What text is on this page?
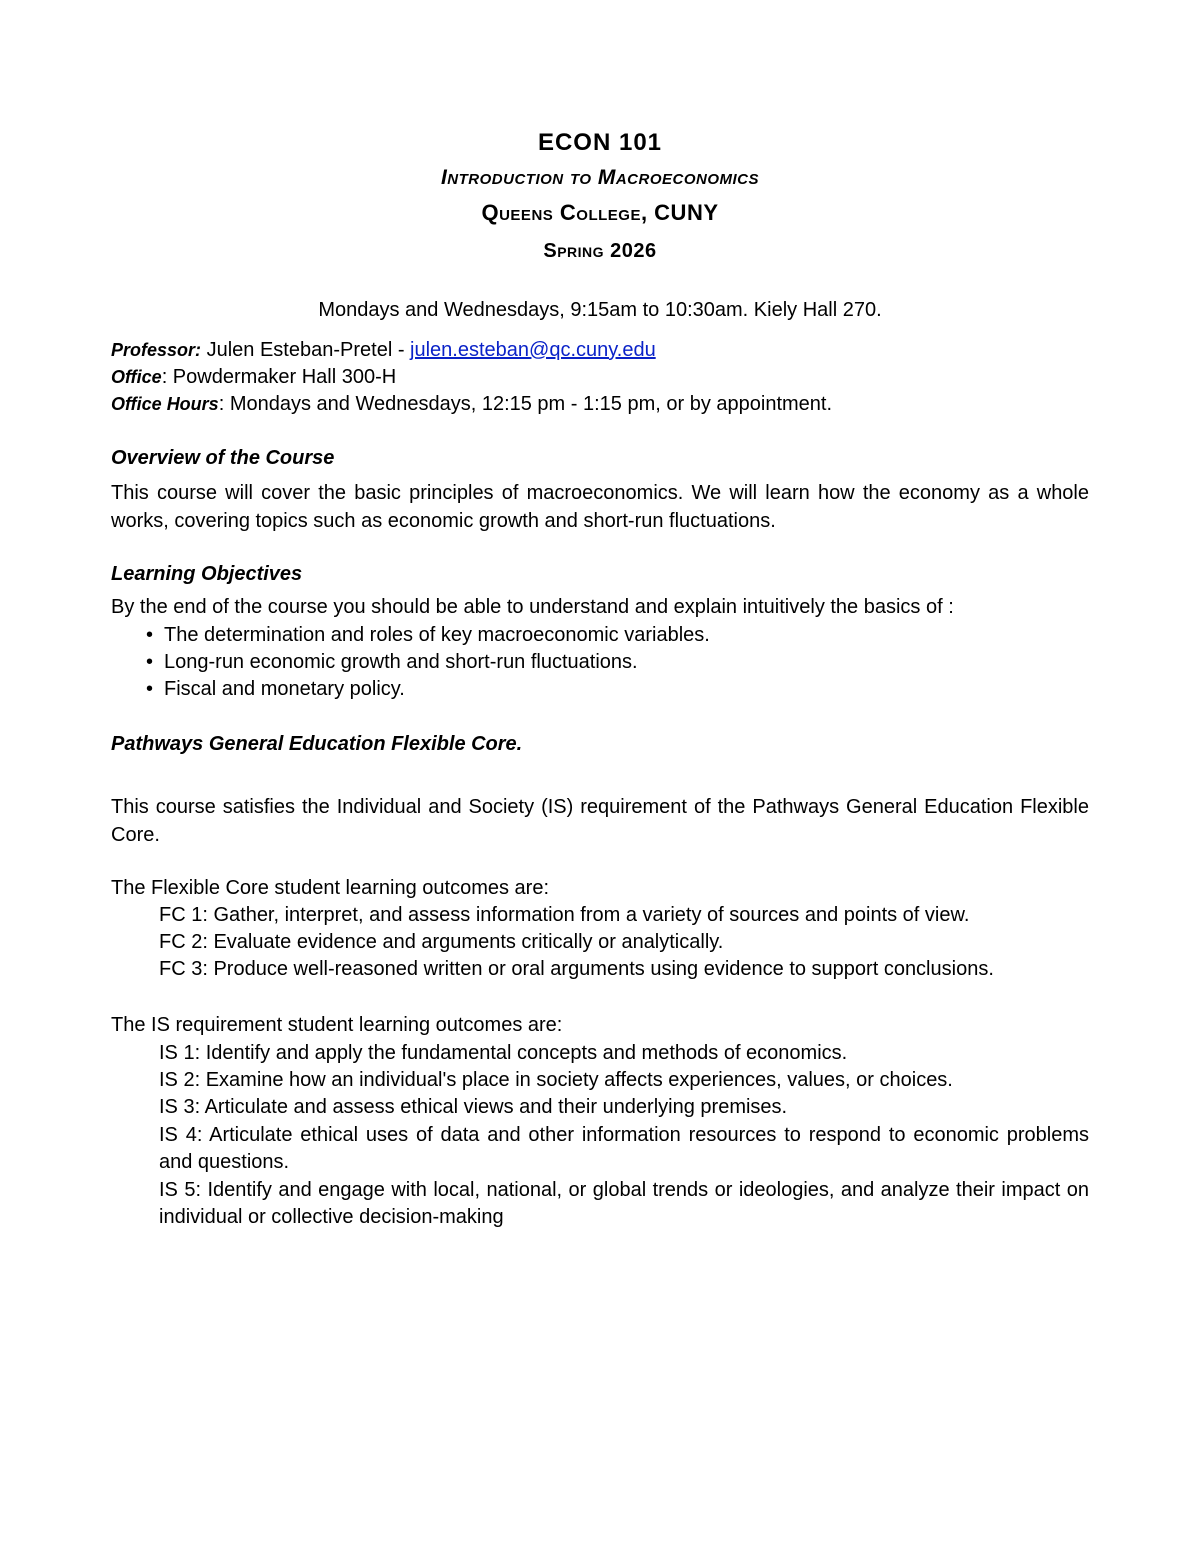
ECON 101
Introduction to Macroeconomics
Queens College, CUNY
Spring 2026
Mondays and Wednesdays, 9:15am to 10:30am. Kiely Hall 270.
Professor: Julen Esteban-Pretel - julen.esteban@qc.cuny.edu
Office: Powdermaker Hall 300-H
Office Hours: Mondays and Wednesdays, 12:15 pm - 1:15 pm, or by appointment.
Overview of the Course
This course will cover the basic principles of macroeconomics. We will learn how the economy as a whole works, covering topics such as economic growth and short-run fluctuations.
Learning Objectives
By the end of the course you should be able to understand and explain intuitively the basics of :
• The determination and roles of key macroeconomic variables.
• Long-run economic growth and short-run fluctuations.
• Fiscal and monetary policy.
Pathways General Education Flexible Core.
This course satisfies the Individual and Society (IS) requirement of the Pathways General Education Flexible Core.
The Flexible Core student learning outcomes are:
FC 1: Gather, interpret, and assess information from a variety of sources and points of view.
FC 2: Evaluate evidence and arguments critically or analytically.
FC 3: Produce well-reasoned written or oral arguments using evidence to support conclusions.
The IS requirement student learning outcomes are:
IS 1: Identify and apply the fundamental concepts and methods of economics.
IS 2: Examine how an individual's place in society affects experiences, values, or choices.
IS 3: Articulate and assess ethical views and their underlying premises.
IS 4: Articulate ethical uses of data and other information resources to respond to economic problems and questions.
IS 5: Identify and engage with local, national, or global trends or ideologies, and analyze their impact on individual or collective decision-making
